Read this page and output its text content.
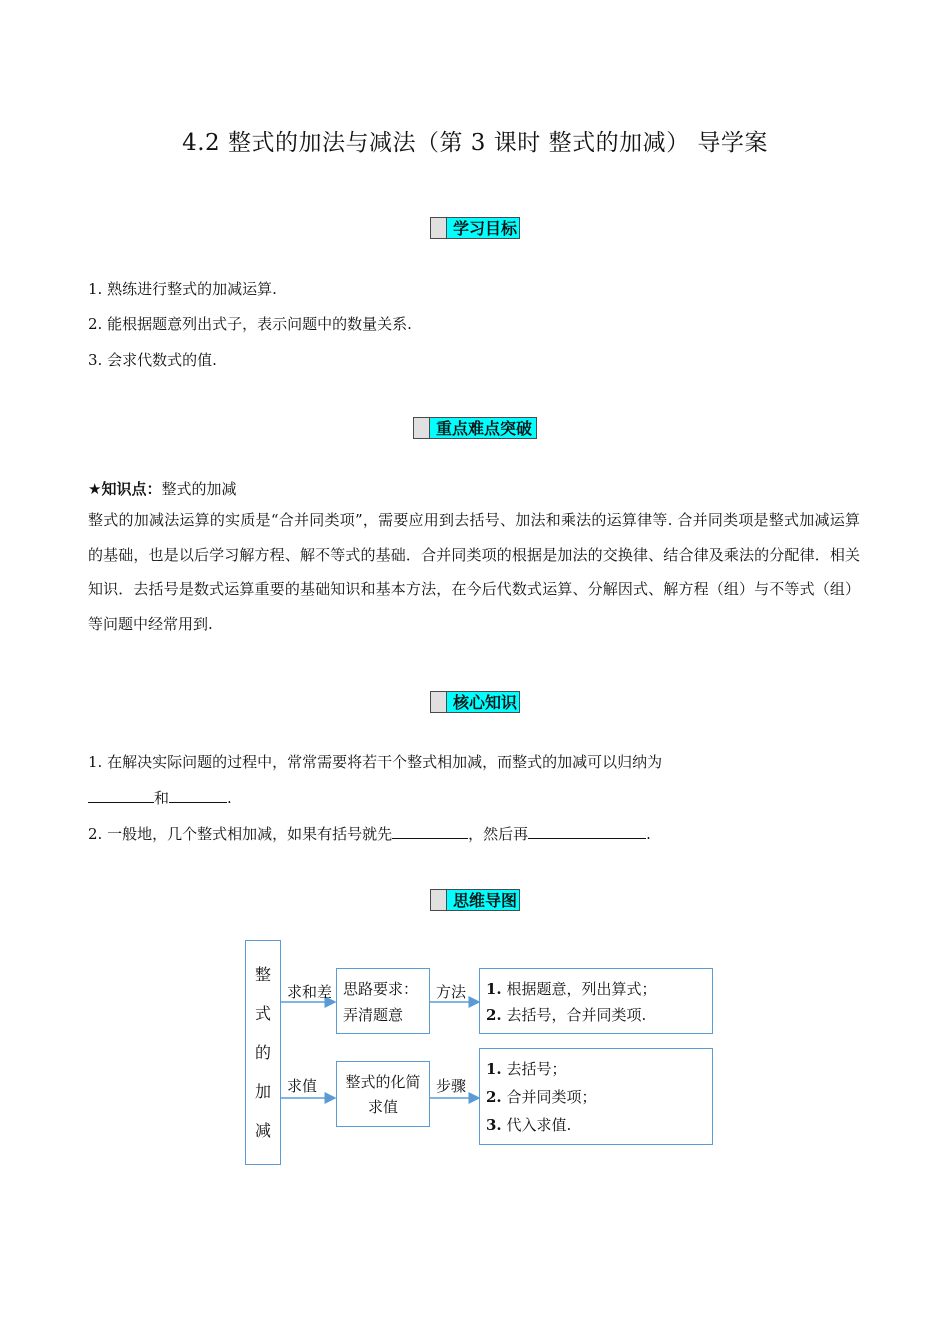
4.2 整式的加法与减法（第 3 课时 整式的加减） 导学案
学习目标
1. 熟练进行整式的加减运算.
2. 能根据题意列出式子，表示问题中的数量关系.
3. 会求代数式的值.
重点难点突破
★知识点：整式的加减
整式的加减法运算的实质是“合并同类项”，需要应用到去括号、加法和乘法的运算律等. 合并同类项是整式加减运算的基础，也是以后学习解方程、解不等式的基础．合并同类项的根据是加法的交换律、结合律及乘法的分配律．相关知识．去括号是数式运算重要的基础知识和基本方法，在今后代数式运算、分解因式、解方程（组）与不等式（组）等问题中经常用到.
核心知识
1. 在解决实际问题的过程中，常常需要将若干个整式相加减，而整式的加减可以归纳为
和	.
2. 一般地，几个整式相加减，如果有括号就先	，然后再	.
思维导图
整
式
的
加
减
求和差 思路要求：
弄清题意
方法 1. 根据题意，列出算式；
2. 去括号，合并同类项.
求值	整式的化简
求值
步骤
1. 去括号；
2. 合并同类项；
3. 代入求值.
